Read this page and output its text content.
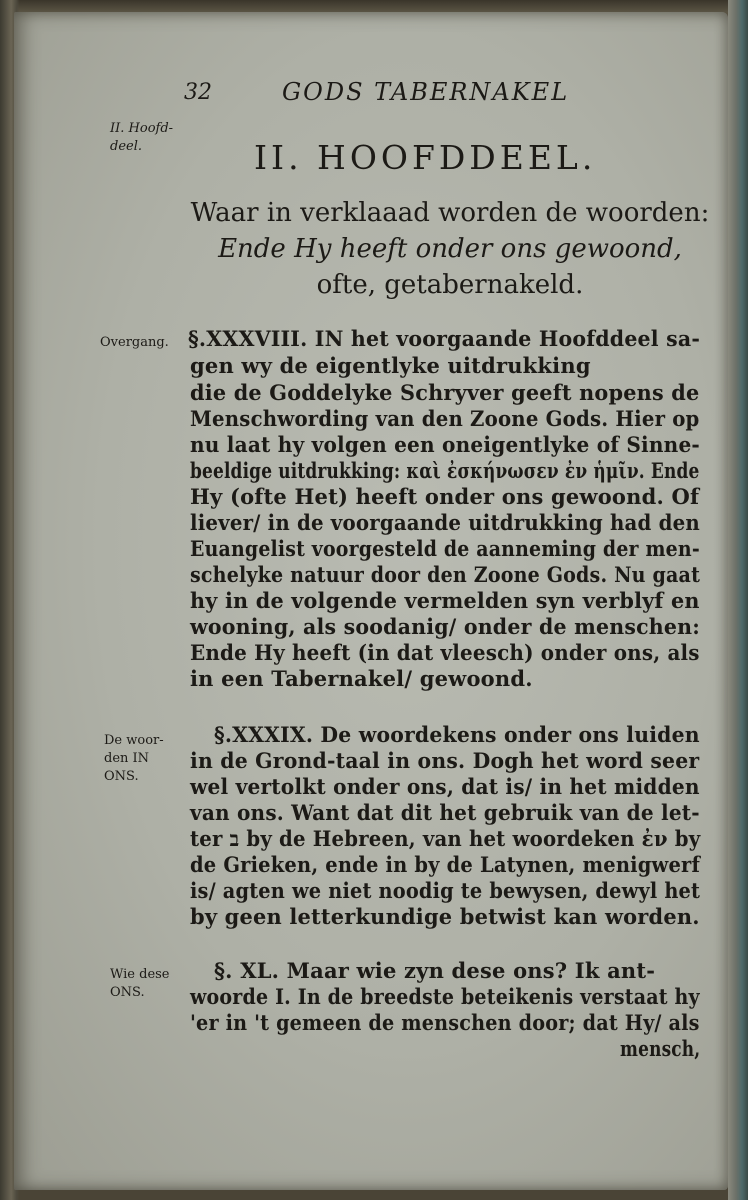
32	GODS TABERNAKEL
II. Hoofd-
deel.	II. HOOFDDEEL.
Waar in verklaaad worden de woorden:
Ende Hy heeft onder ons gewoond,
ofte, getabernakeld.
Overgang. §.XXXVIII. IN het voorgaande Hoofddeel sa-
gen wy de eigentlyke uitdrukking
die de Goddelyke Schryver geeft nopens de
Menschwording van den Zoone Gods. Hier op
nu laat hy volgen een oneigentlyke of Sinne-
beeldige uitdrukking: καὶ ἐσκήνωσεν ἐν ἡμῖν. Ende
Hy (ofte Het) heeft onder ons gewoond. Of
liever/ in de voorgaande uitdrukking had den
Euangelist voorgesteld de aanneming der men-
schelyke natuur door den Zoone Gods. Nu gaat
hy in de volgende vermelden syn verblyf en
wooning, als soodanig/ onder de menschen:
Ende Hy heeft (in dat vleesch) onder ons, als
in een Tabernakel/ gewoond.
De woor-
den IN
ONS.
§.XXXIX. De woordekens onder ons luiden
in de Grond-taal in ons. Dogh het word seer
wel vertolkt onder ons, dat is/ in het midden
van ons. Want dat dit het gebruik van de let-
ter ב by de Hebreen, van het woordeken ἐν by
de Grieken, ende in by de Latynen, menigwerf
is/ agten we niet noodig te bewysen, dewyl het
by geen letterkundige betwist kan worden.
Wie dese
ONS.
§. XL. Maar wie zyn dese ons? Ik ant-
woorde I. In de breedste beteikenis verstaat hy
'er in 't gemeen de menschen door; dat Hy/ als
mensch,
